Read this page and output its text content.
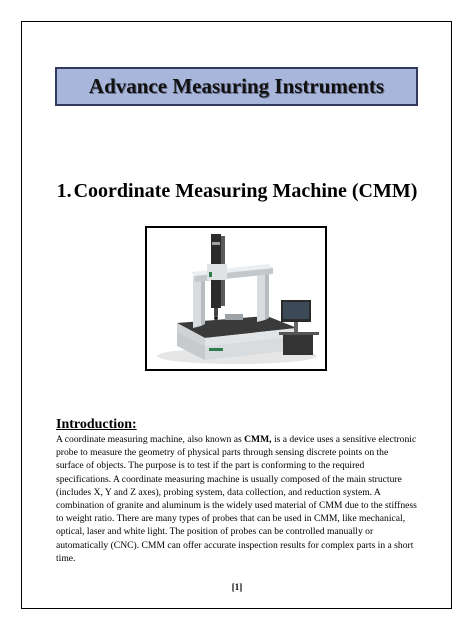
Advance Measuring Instruments
1. Coordinate Measuring Machine (CMM)
Introduction:
A coordinate measuring machine, also known as CMM, is a device uses a sensitive electronic probe to measure the geometry of physical parts through sensing discrete points on the surface of objects. The purpose is to test if the part is conforming to the required specifications. A coordinate measuring machine is usually composed of the main structure (includes X, Y and Z axes), probing system, data collection, and reduction system. A combination of granite and aluminum is the widely used material of CMM due to the stiffness to weight ratio. There are many types of probes that can be used in CMM, like mechanical, optical, laser and white light. The position of probes can be controlled manually or automatically (CNC). CMM can offer accurate inspection results for complex parts in a short time.
[1]
